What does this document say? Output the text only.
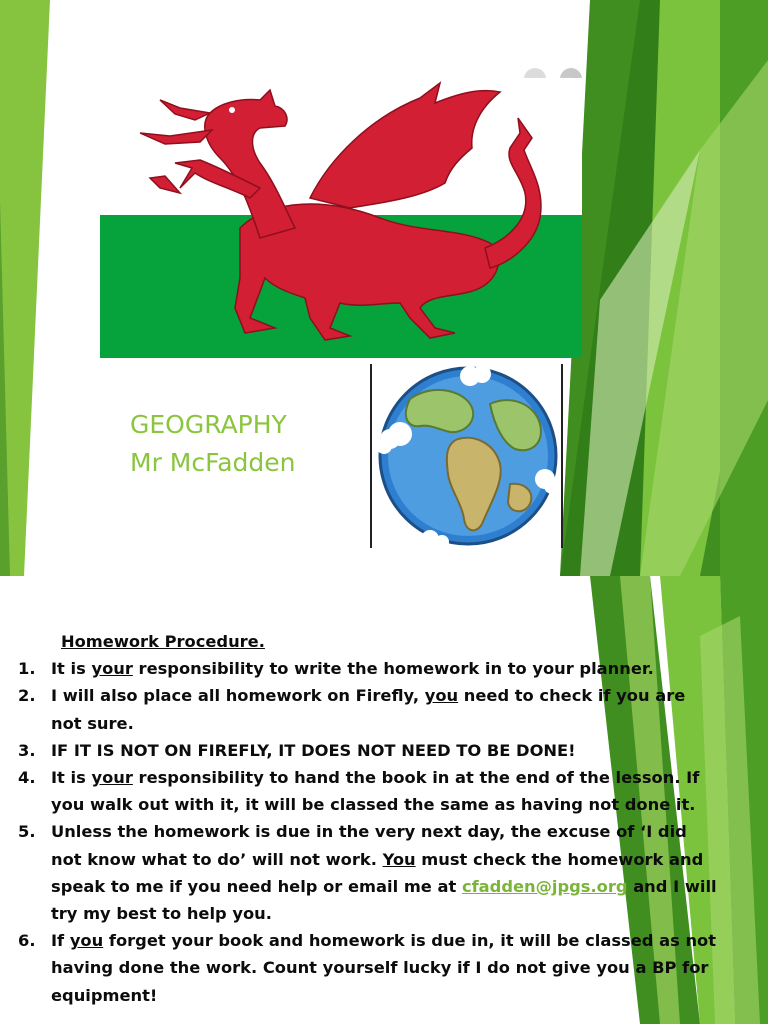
GEOGRAPHY
Mr McFadden
Homework Procedure.
1. It is your responsibility to write the homework in to your planner.
2. I will also place all homework on Firefly, you need to check if you are not sure.
3. IF IT IS NOT ON FIREFLY, IT DOES NOT NEED TO BE DONE!
4. It is your responsibility to hand the book in at the end of the lesson. If you walk out with it, it will be classed the same as having not done it.
5. Unless the homework is due in the very next day, the excuse of ‘I did not know what to do’ will not work. You must check the homework and speak to me if you need help or email me at cfadden@jpgs.org and I will try my best to help you.
6. If you forget your book and homework is due in, it will be classed as not having done the work. Count yourself lucky if I do not give you a BP for equipment!
